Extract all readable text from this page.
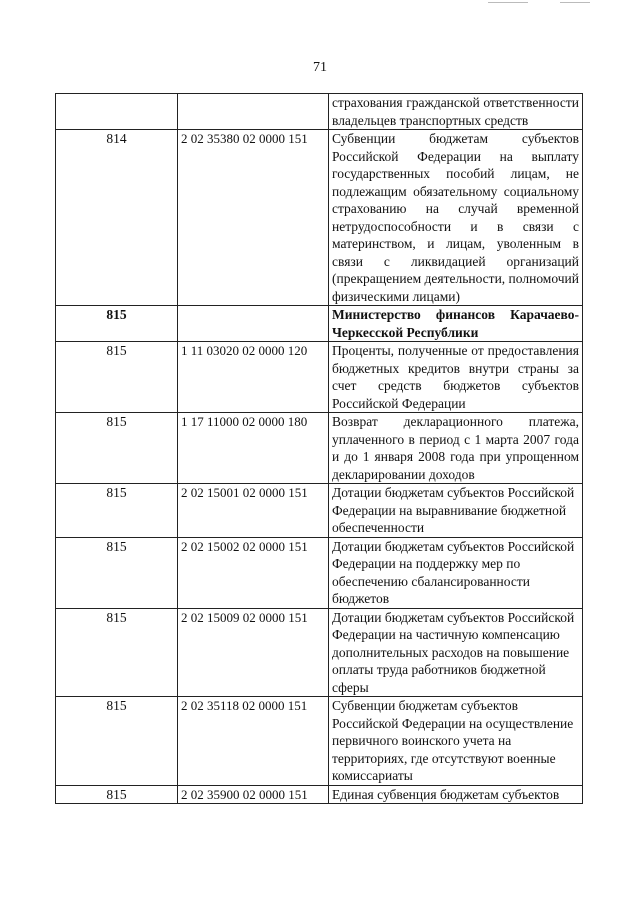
71
		страхования гражданской ответственности владельцев транспортных средств
814	2 02 35380 02 0000 151	Субвенции бюджетам субъектов Российской Федерации на выплату государственных пособий лицам, не подлежащим обязательному социальному страхованию на случай временной нетрудоспособности и в связи с материнством, и лицам, уволенным в связи с ликвидацией организаций (прекращением деятельности, полномочий физическими лицами)
815		Министерство финансов Карачаево-Черкесской Республики
815	1 11 03020 02 0000 120	Проценты, полученные от предоставления бюджетных кредитов внутри страны за счет средств бюджетов субъектов Российской Федерации
815	1 17 11000 02 0000 180	Возврат декларационного платежа, уплаченного в период с 1 марта 2007 года и до 1 января 2008 года при упрощенном декларировании доходов
815	2 02 15001 02 0000 151	Дотации бюджетам субъектов Российской Федерации на выравнивание бюджетной обеспеченности
815	2 02 15002 02 0000 151	Дотации бюджетам субъектов Российской Федерации на поддержку мер по обеспечению сбалансированности бюджетов
815	2 02 15009 02 0000 151	Дотации бюджетам субъектов Российской Федерации на частичную компенсацию дополнительных расходов на повышение оплаты труда работников бюджетной сферы
815	2 02 35118 02 0000 151	Субвенции бюджетам субъектов Российской Федерации на осуществление первичного воинского учета на территориях, где отсутствуют военные комиссариаты
815	2 02 35900 02 0000 151	Единая субвенция бюджетам субъектов
